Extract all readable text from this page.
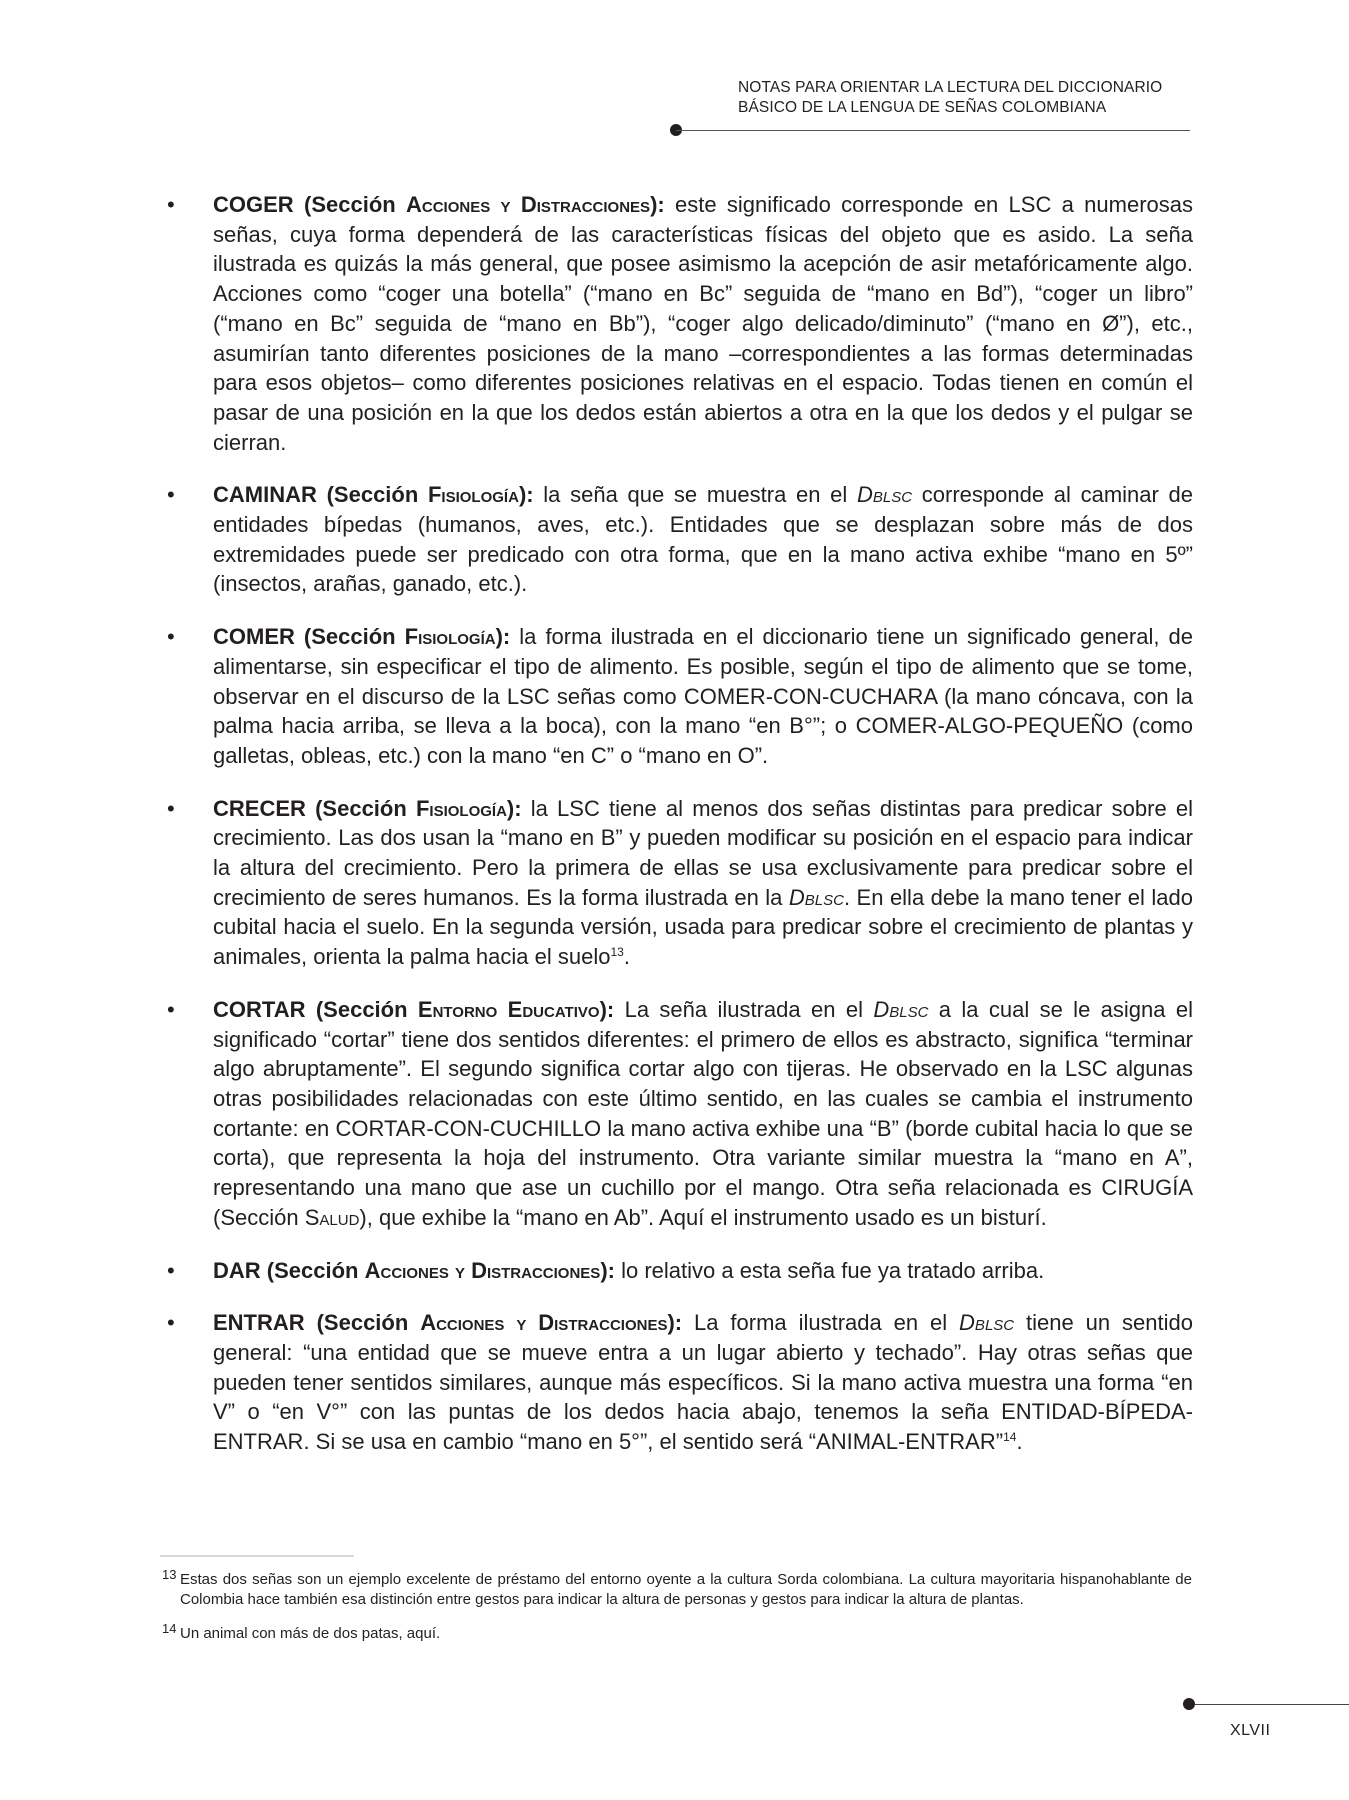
NOTAS PARA ORIENTAR LA LECTURA DEL DICCIONARIO
BÁSICO DE LA LENGUA DE SEÑAS COLOMBIANA
•	COGER (Sección Acciones y Distracciones): este significado corresponde en LSC a numerosas señas, cuya forma dependerá de las características físicas del objeto que es asido. La seña ilustrada es quizás la más general, que posee asimismo la acepción de asir metafóricamente algo. Acciones como “coger una botella” (“mano en Bc” seguida de “mano en Bd”), “coger un libro” (“mano en Bc” seguida de “mano en Bb”), “coger algo delicado/diminuto” (“mano en Ø”), etc., asumirían tanto diferentes posiciones de la mano –correspondientes a las formas determinadas para esos objetos– como diferentes posiciones relativas en el espacio. Todas tienen en común el pasar de una posición en la que los dedos están abiertos a otra en la que los dedos y el pulgar se cierran.
•	CAMINAR (Sección Fisiología): la seña que se muestra en el Dblsc corresponde al caminar de entidades bípedas (humanos, aves, etc.). Entidades que se desplazan sobre más de dos extremidades puede ser predicado con otra forma, que en la mano activa exhibe “mano en 5º” (insectos, arañas, ganado, etc.).
•	COMER (Sección Fisiología): la forma ilustrada en el diccionario tiene un significado general, de alimentarse, sin especificar el tipo de alimento. Es posible, según el tipo de alimento que se tome, observar en el discurso de la LSC señas como COMER-CON-CUCHARA (la mano cóncava, con la palma hacia arriba, se lleva a la boca), con la mano “en B°”; o COMER-ALGO-PEQUEÑO (como galletas, obleas, etc.) con la mano “en C” o “mano en O”.
•	CRECER (Sección Fisiología): la LSC tiene al menos dos señas distintas para predicar sobre el crecimiento. Las dos usan la “mano en B” y pueden modificar su posición en el espacio para indicar la altura del crecimiento. Pero la primera de ellas se usa exclusivamente para predicar sobre el crecimiento de seres humanos. Es la forma ilustrada en la Dblsc. En ella debe la mano tener el lado cubital hacia el suelo. En la segunda versión, usada para predicar sobre el crecimiento de plantas y animales, orienta la palma hacia el suelo$^{13}$.
•	CORTAR (Sección Entorno Educativo): La seña ilustrada en el Dblsc a la cual se le asigna el significado “cortar” tiene dos sentidos diferentes: el primero de ellos es abstracto, significa “terminar algo abruptamente”. El segundo significa cortar algo con tijeras. He observado en la LSC algunas otras posibilidades relacionadas con este último sentido, en las cuales se cambia el instrumento cortante: en CORTAR-CON-CUCHILLO la mano activa exhibe una “B” (borde cubital hacia lo que se corta), que representa la hoja del instrumento. Otra variante similar muestra la “mano en A”, representando una mano que ase un cuchillo por el mango. Otra seña relacionada es CIRUGÍA (Sección Salud), que exhibe la “mano en Ab”. Aquí el instrumento usado es un bisturí.
•	DAR (Sección Acciones y Distracciones): lo relativo a esta seña fue ya tratado arriba.
•	ENTRAR (Sección Acciones y Distracciones): La forma ilustrada en el Dblsc tiene un sentido general: “una entidad que se mueve entra a un lugar abierto y techado”. Hay otras señas que pueden tener sentidos similares, aunque más específicos. Si la mano activa muestra una forma “en V” o “en V°” con las puntas de los dedos hacia abajo, tenemos la seña ENTIDAD-BÍPEDA-ENTRAR. Si se usa en cambio “mano en 5°”, el sentido será “ANIMAL-ENTRAR”$^{14}$.
13 Estas dos señas son un ejemplo excelente de préstamo del entorno oyente a la cultura Sorda colombiana. La cultura mayoritaria hispanohablante de Colombia hace también esa distinción entre gestos para indicar la altura de personas y gestos para indicar la altura de plantas.
14 Un animal con más de dos patas, aquí.
XLVII
